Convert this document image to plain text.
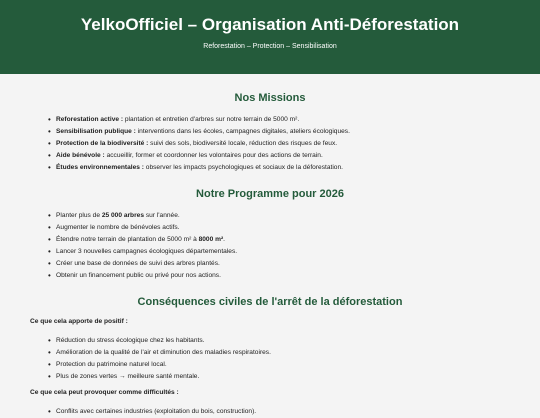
YelkoOfficiel – Organisation Anti-Déforestation
Reforestation – Protection – Sensibilisation
Nos Missions
• Reforestation active : plantation et entretien d'arbres sur notre terrain de 5000 m².
• Sensibilisation publique : interventions dans les écoles, campagnes digitales, ateliers écologiques.
• Protection de la biodiversité : suivi des sols, biodiversité locale, réduction des risques de feux.
• Aide bénévole : accueillir, former et coordonner les volontaires pour des actions de terrain.
• Études environnementales : observer les impacts psychologiques et sociaux de la déforestation.
Notre Programme pour 2026
• Planter plus de 25 000 arbres sur l'année.
• Augmenter le nombre de bénévoles actifs.
• Étendre notre terrain de plantation de 5000 m² à 8000 m².
• Lancer 3 nouvelles campagnes écologiques départementales.
• Créer une base de données de suivi des arbres plantés.
• Obtenir un financement public ou privé pour nos actions.
Conséquences civiles de l'arrêt de la déforestation

Ce que cela apporte de positif :

• Réduction du stress écologique chez les habitants.
• Amélioration de la qualité de l'air et diminution des maladies respiratoires.
• Protection du patrimoine naturel local.
• Plus de zones vertes → meilleure santé mentale.

Ce que cela peut provoquer comme difficultés :

• Conflits avec certaines industries (exploitation du bois, construction).
